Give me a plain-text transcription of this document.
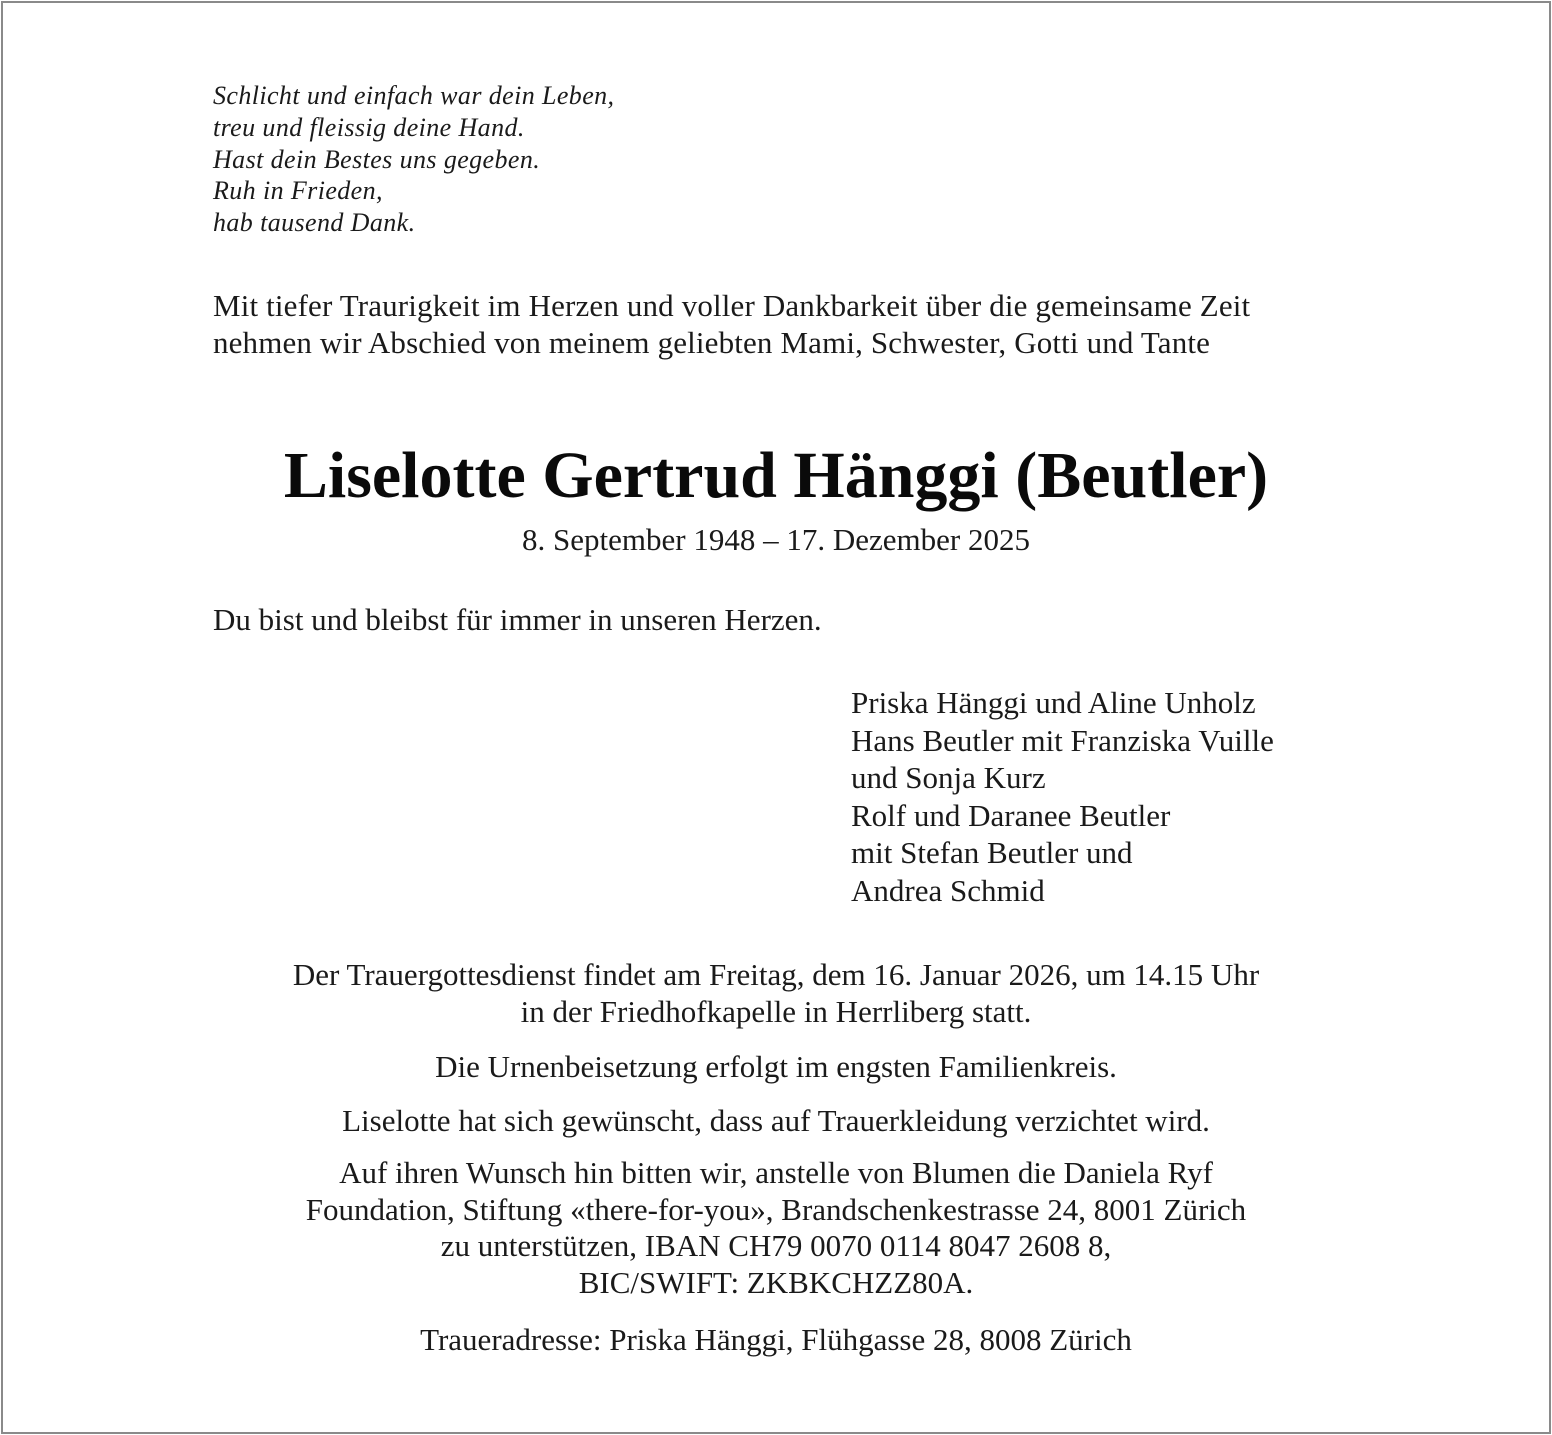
Schlicht und einfach war dein Leben,
treu und fleissig deine Hand.
Hast dein Bestes uns gegeben.
Ruh in Frieden,
hab tausend Dank.
Mit tiefer Traurigkeit im Herzen und voller Dankbarkeit über die gemeinsame Zeit nehmen wir Abschied von meinem geliebten Mami, Schwester, Gotti und Tante
Liselotte Gertrud Hänggi (Beutler)
8. September 1948 – 17. Dezember 2025
Du bist und bleibst für immer in unseren Herzen.
Priska Hänggi und Aline Unholz
Hans Beutler mit Franziska Vuille
und Sonja Kurz
Rolf und Daranee Beutler
mit Stefan Beutler und
Andrea Schmid
Der Trauergottesdienst findet am Freitag, dem 16. Januar 2026, um 14.15 Uhr
in der Friedhofkapelle in Herrliberg statt.
Die Urnenbeisetzung erfolgt im engsten Familienkreis.
Liselotte hat sich gewünscht, dass auf Trauerkleidung verzichtet wird.
Auf ihren Wunsch hin bitten wir, anstelle von Blumen die Daniela Ryf
Foundation, Stiftung «there-for-you», Brandschenkestrasse 24, 8001 Zürich
zu unterstützen, IBAN CH79 0070 0114 8047 2608 8,
BIC/SWIFT: ZKBKCHZZ80A.
Traueradresse: Priska Hänggi, Flühgasse 28, 8008 Zürich
